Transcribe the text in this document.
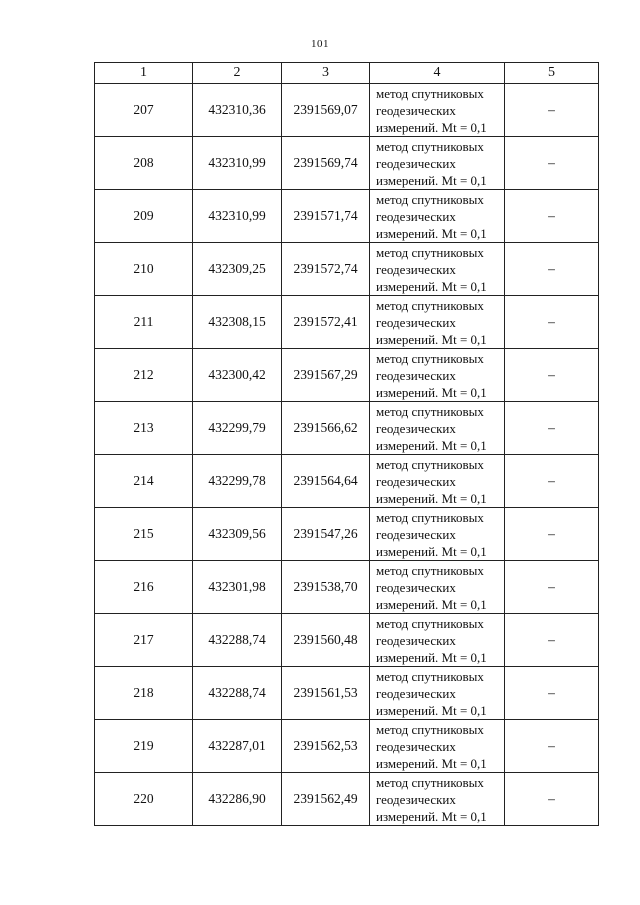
101
1	2	3	4	5
207	432310,36	2391569,07	метод спутниковых
геодезических
измерений. Mt = 0,1	–
208	432310,99	2391569,74	метод спутниковых
геодезических
измерений. Mt = 0,1	–
209	432310,99	2391571,74	метод спутниковых
геодезических
измерений. Mt = 0,1	–
210	432309,25	2391572,74	метод спутниковых
геодезических
измерений. Mt = 0,1	–
211	432308,15	2391572,41	метод спутниковых
геодезических
измерений. Mt = 0,1	–
212	432300,42	2391567,29	метод спутниковых
геодезических
измерений. Mt = 0,1	–
213	432299,79	2391566,62	метод спутниковых
геодезических
измерений. Mt = 0,1	–
214	432299,78	2391564,64	метод спутниковых
геодезических
измерений. Mt = 0,1	–
215	432309,56	2391547,26	метод спутниковых
геодезических
измерений. Mt = 0,1	–
216	432301,98	2391538,70	метод спутниковых
геодезических
измерений. Mt = 0,1	–
217	432288,74	2391560,48	метод спутниковых
геодезических
измерений. Mt = 0,1	–
218	432288,74	2391561,53	метод спутниковых
геодезических
измерений. Mt = 0,1	–
219	432287,01	2391562,53	метод спутниковых
геодезических
измерений. Mt = 0,1	–
220	432286,90	2391562,49	метод спутниковых
геодезических
измерений. Mt = 0,1	–
